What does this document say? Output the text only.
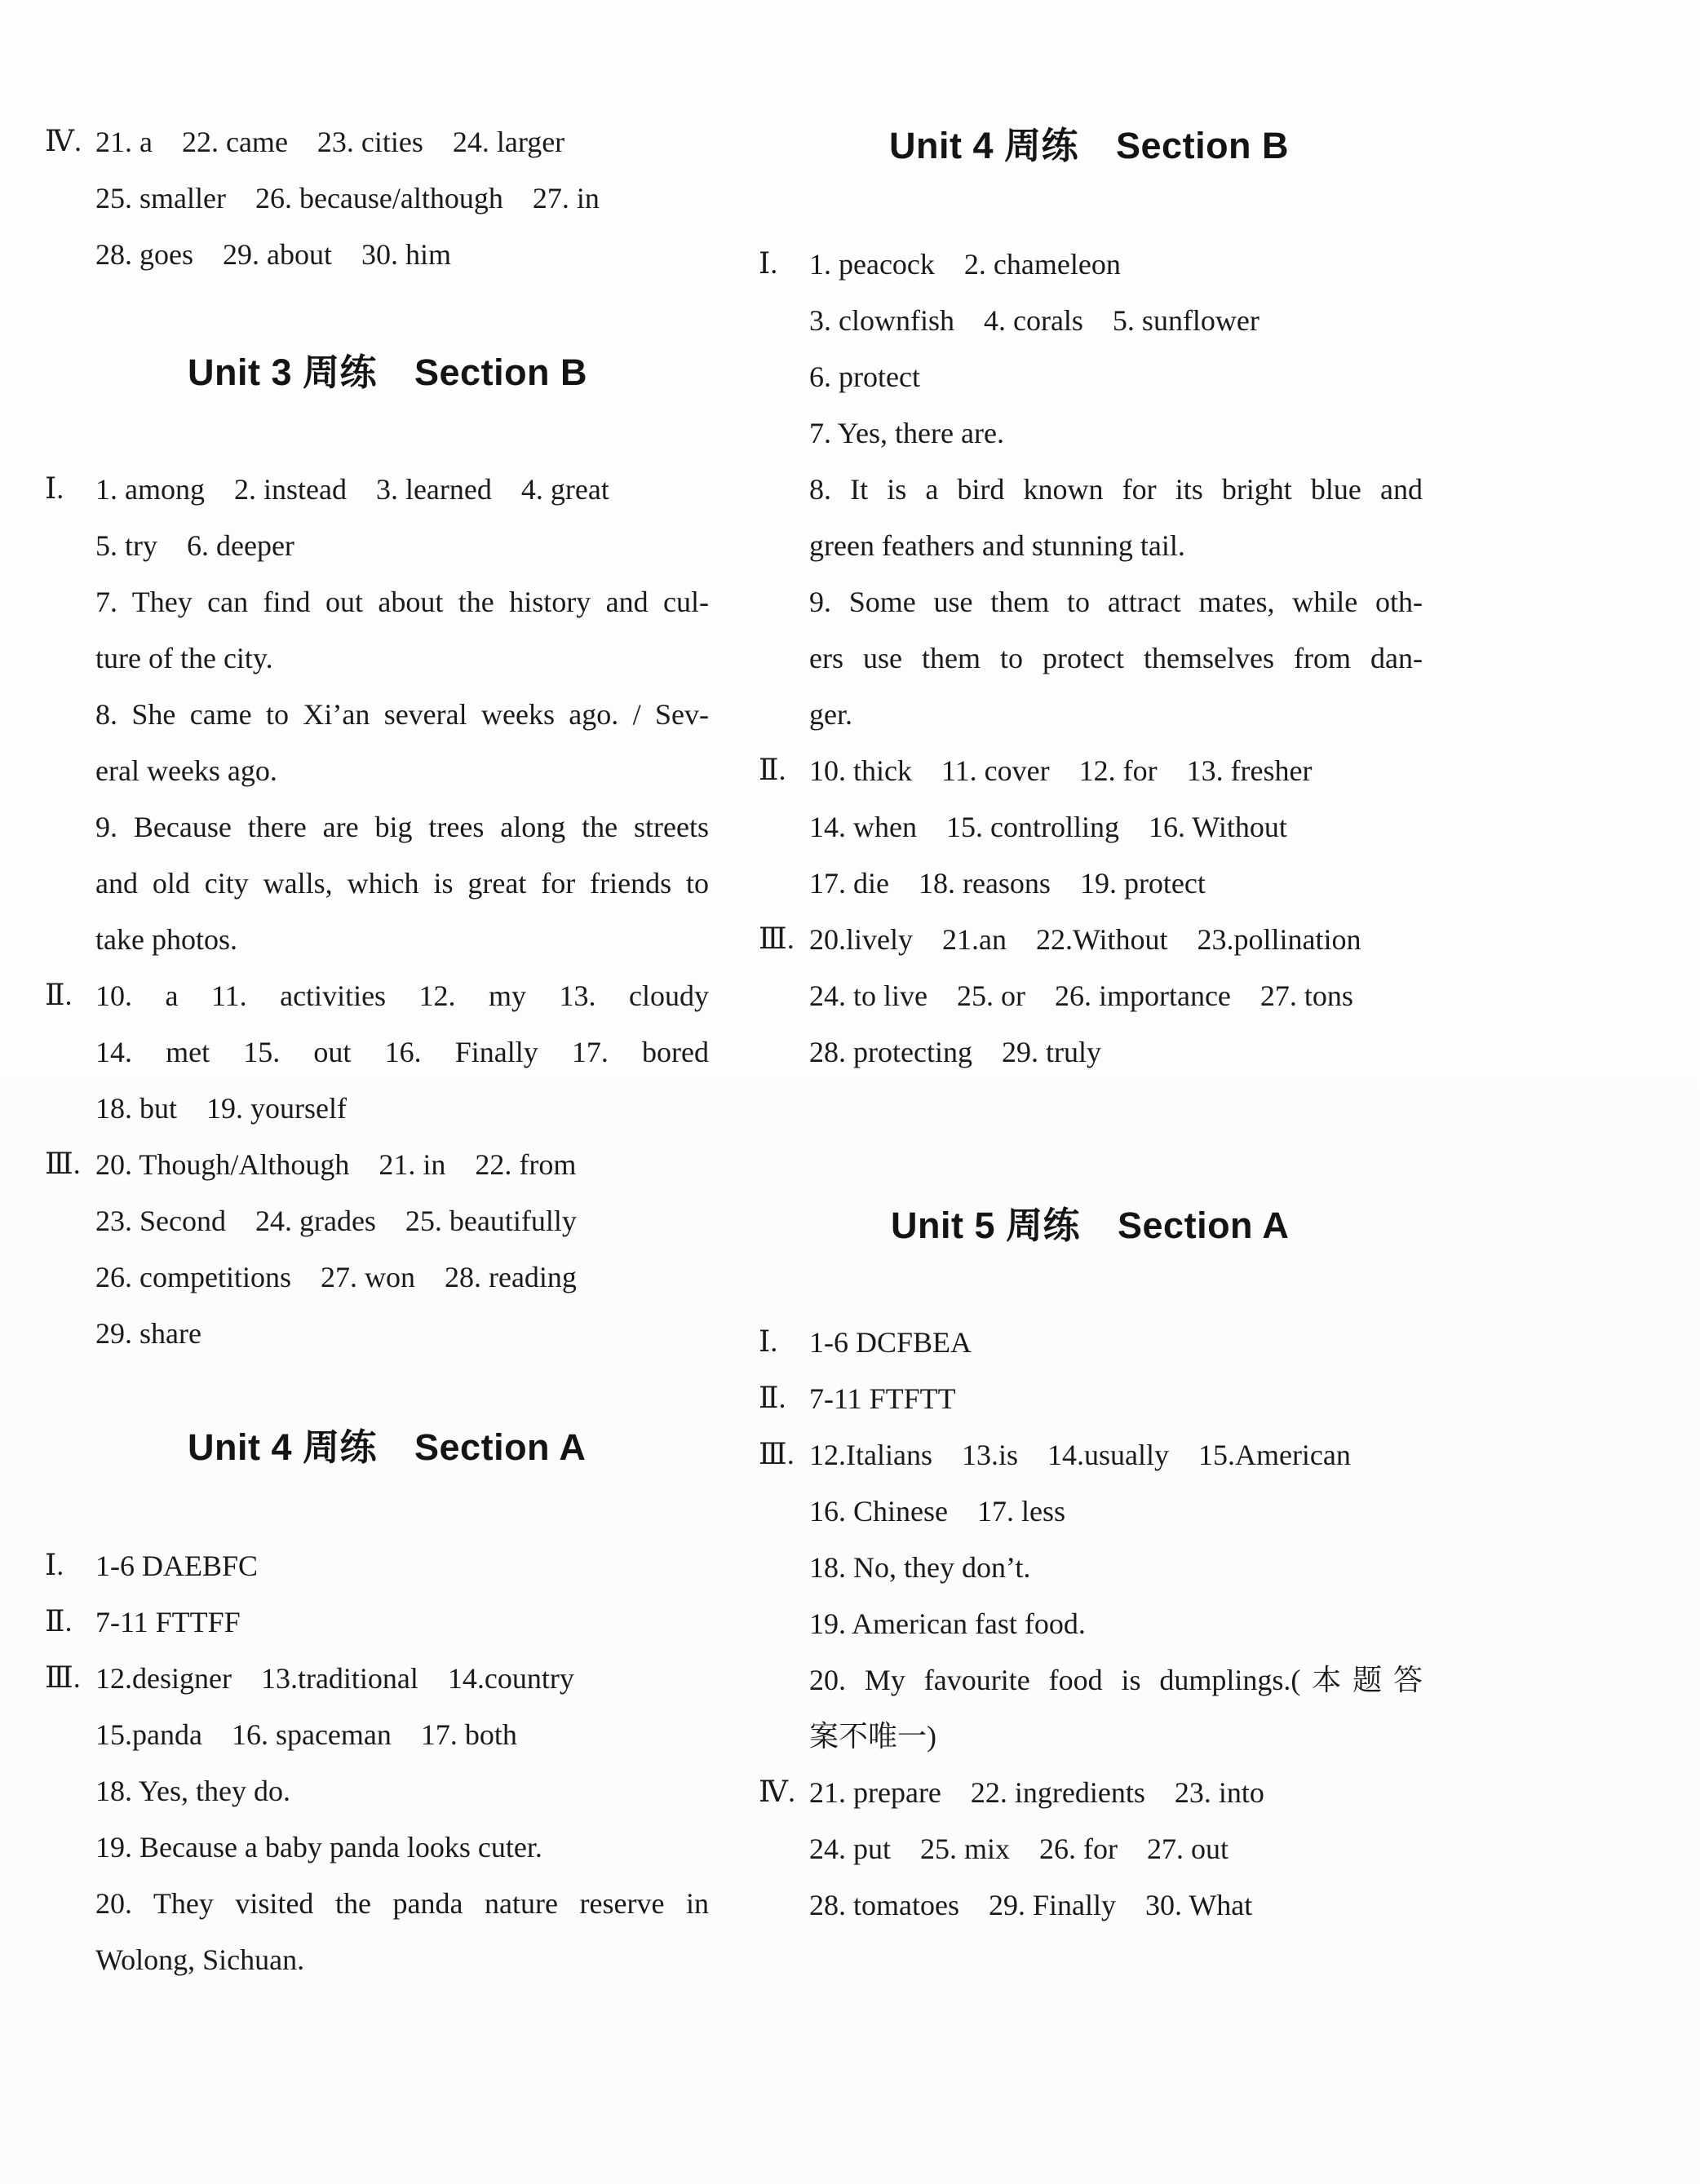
Ⅳ. 21. a    22. came    23. cities    24. larger
25. smaller    26. because/although    27. in
28. goes    29. about    30. him
Unit 3 周练 Section B
Ⅰ. 1. among    2. instead    3. learned    4. great
5. try    6. deeper
7. They can find out about the history and cul-
ture of the city.
8. She came to Xi’an several weeks ago. / Sev-
eral weeks ago.
9. Because there are big trees along the streets
and old city walls, which is great for friends to
take photos.
Ⅱ. 10. a 11. activities 12. my 13. cloudy
14. met 15. out 16. Finally 17. bored
18. but    19. yourself
Ⅲ. 20. Though/Although    21. in    22. from
23. Second    24. grades    25. beautifully
26. competitions    27. won    28. reading
29. share
Unit 4 周练 Section A
Ⅰ. 1-6 DAEBFC
Ⅱ. 7-11 FTTFF
Ⅲ. 12.designer    13.traditional    14.country
15.panda    16. spaceman    17. both
18. Yes, they do.
19. Because a baby panda looks cuter.
20. They visited the panda nature reserve in
Wolong, Sichuan.
Unit 4 周练 Section B
Ⅰ. 1. peacock    2. chameleon
3. clownfish    4. corals    5. sunflower
6. protect
7. Yes, there are.
8. It is a bird known for its bright blue and
green feathers and stunning tail.
9. Some use them to attract mates, while oth-
ers use them to protect themselves from dan-
ger.
Ⅱ. 10. thick    11. cover    12. for    13. fresher
14. when    15. controlling    16. Without
17. die    18. reasons    19. protect
Ⅲ. 20.lively    21.an    22.Without    23.pollination
24. to live    25. or    26. importance    27. tons
28. protecting    29. truly
Unit 5 周练 Section A
Ⅰ. 1-6 DCFBEA
Ⅱ. 7-11 FTFTT
Ⅲ. 12.Italians    13.is    14.usually    15.American
16. Chinese    17. less
18. No, they don’t.
19. American fast food.
20. My favourite food is dumplings.(本题答
案不唯一)
Ⅳ. 21. prepare    22. ingredients    23. into
24. put    25. mix    26. for    27. out
28. tomatoes    29. Finally    30. What
